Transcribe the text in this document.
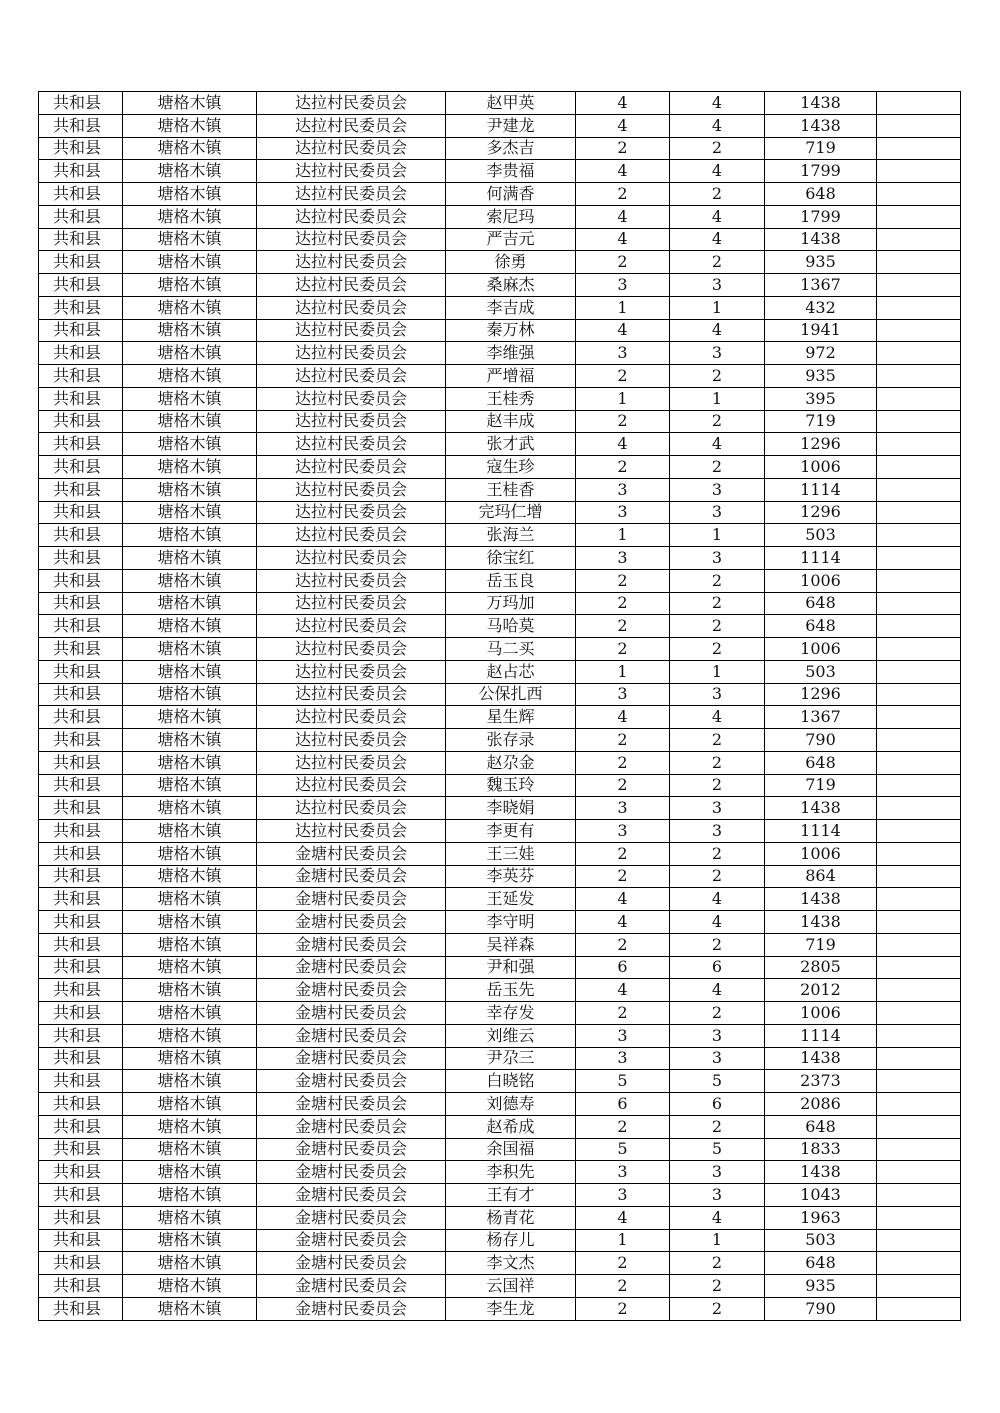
共和县	塘格木镇	达拉村民委员会	赵甲英	4	4	1438	
共和县	塘格木镇	达拉村民委员会	尹建龙	4	4	1438	
共和县	塘格木镇	达拉村民委员会	多杰吉	2	2	719	
共和县	塘格木镇	达拉村民委员会	李贵福	4	4	1799	
共和县	塘格木镇	达拉村民委员会	何满香	2	2	648	
共和县	塘格木镇	达拉村民委员会	索尼玛	4	4	1799	
共和县	塘格木镇	达拉村民委员会	严吉元	4	4	1438	
共和县	塘格木镇	达拉村民委员会	徐勇	2	2	935	
共和县	塘格木镇	达拉村民委员会	桑麻杰	3	3	1367	
共和县	塘格木镇	达拉村民委员会	李吉成	1	1	432	
共和县	塘格木镇	达拉村民委员会	秦万林	4	4	1941	
共和县	塘格木镇	达拉村民委员会	李维强	3	3	972	
共和县	塘格木镇	达拉村民委员会	严增福	2	2	935	
共和县	塘格木镇	达拉村民委员会	王桂秀	1	1	395	
共和县	塘格木镇	达拉村民委员会	赵丰成	2	2	719	
共和县	塘格木镇	达拉村民委员会	张才武	4	4	1296	
共和县	塘格木镇	达拉村民委员会	寇生珍	2	2	1006	
共和县	塘格木镇	达拉村民委员会	王桂香	3	3	1114	
共和县	塘格木镇	达拉村民委员会	完玛仁增	3	3	1296	
共和县	塘格木镇	达拉村民委员会	张海兰	1	1	503	
共和县	塘格木镇	达拉村民委员会	徐宝红	3	3	1114	
共和县	塘格木镇	达拉村民委员会	岳玉良	2	2	1006	
共和县	塘格木镇	达拉村民委员会	万玛加	2	2	648	
共和县	塘格木镇	达拉村民委员会	马哈莫	2	2	648	
共和县	塘格木镇	达拉村民委员会	马二买	2	2	1006	
共和县	塘格木镇	达拉村民委员会	赵占芯	1	1	503	
共和县	塘格木镇	达拉村民委员会	公保扎西	3	3	1296	
共和县	塘格木镇	达拉村民委员会	星生辉	4	4	1367	
共和县	塘格木镇	达拉村民委员会	张存录	2	2	790	
共和县	塘格木镇	达拉村民委员会	赵尕金	2	2	648	
共和县	塘格木镇	达拉村民委员会	魏玉玲	2	2	719	
共和县	塘格木镇	达拉村民委员会	李晓娟	3	3	1438	
共和县	塘格木镇	达拉村民委员会	李更有	3	3	1114	
共和县	塘格木镇	金塘村民委员会	王三娃	2	2	1006	
共和县	塘格木镇	金塘村民委员会	李英芬	2	2	864	
共和县	塘格木镇	金塘村民委员会	王延发	4	4	1438	
共和县	塘格木镇	金塘村民委员会	李守明	4	4	1438	
共和县	塘格木镇	金塘村民委员会	吴祥森	2	2	719	
共和县	塘格木镇	金塘村民委员会	尹和强	6	6	2805	
共和县	塘格木镇	金塘村民委员会	岳玉先	4	4	2012	
共和县	塘格木镇	金塘村民委员会	幸存发	2	2	1006	
共和县	塘格木镇	金塘村民委员会	刘维云	3	3	1114	
共和县	塘格木镇	金塘村民委员会	尹尕三	3	3	1438	
共和县	塘格木镇	金塘村民委员会	白晓铭	5	5	2373	
共和县	塘格木镇	金塘村民委员会	刘德寿	6	6	2086	
共和县	塘格木镇	金塘村民委员会	赵希成	2	2	648	
共和县	塘格木镇	金塘村民委员会	余国福	5	5	1833	
共和县	塘格木镇	金塘村民委员会	李积先	3	3	1438	
共和县	塘格木镇	金塘村民委员会	王有才	3	3	1043	
共和县	塘格木镇	金塘村民委员会	杨青花	4	4	1963	
共和县	塘格木镇	金塘村民委员会	杨存儿	1	1	503	
共和县	塘格木镇	金塘村民委员会	李文杰	2	2	648	
共和县	塘格木镇	金塘村民委员会	云国祥	2	2	935	
共和县	塘格木镇	金塘村民委员会	李生龙	2	2	790	
